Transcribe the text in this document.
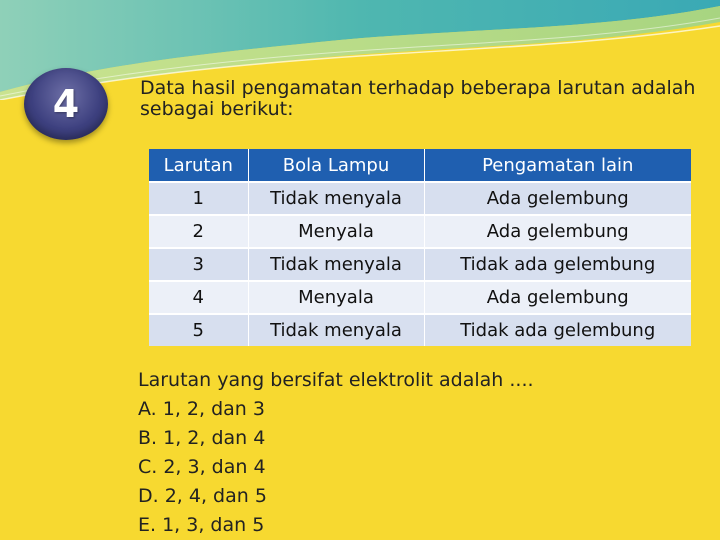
4	Data hasil pengamatan terhadap beberapa larutan adalah sebagai berikut:
Larutan	Bola Lampu	Pengamatan lain
1	Tidak menyala	Ada gelembung
2	Menyala	Ada gelembung
3	Tidak menyala	Tidak ada gelembung
4	Menyala	Ada gelembung
5	Tidak menyala	Tidak ada gelembung
Larutan yang bersifat elektrolit adalah ....
A. 1, 2, dan 3
B. 1, 2, dan 4
C. 2, 3, dan 4
D. 2, 4, dan 5
E. 1, 3, dan 5
